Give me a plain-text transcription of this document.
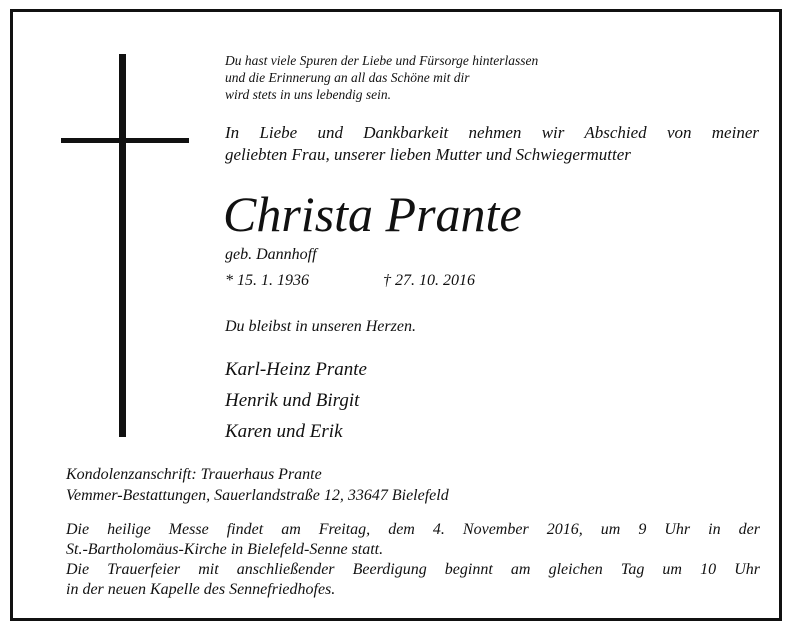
Du hast viele Spuren der Liebe und Fürsorge hinterlassen
und die Erinnerung an all das Schöne mit dir
wird stets in uns lebendig sein.
In Liebe und Dankbarkeit nehmen wir Abschied von meiner
geliebten Frau, unserer lieben Mutter und Schwiegermutter
Christa Prante
geb. Dannhoff
* 15. 1. 1936	† 27. 10. 2016
Du bleibst in unseren Herzen.
Karl-Heinz Prante
Henrik und Birgit
Karen und Erik
Kondolenzanschrift: Trauerhaus Prante
Vemmer-Bestattungen, Sauerlandstraße 12, 33647 Bielefeld
Die heilige Messe findet am Freitag, dem 4. November 2016, um 9 Uhr in der
St.-Bartholomäus-Kirche in Bielefeld-Senne statt.
Die Trauerfeier mit anschließender Beerdigung beginnt am gleichen Tag um 10 Uhr
in der neuen Kapelle des Sennefriedhofes.
